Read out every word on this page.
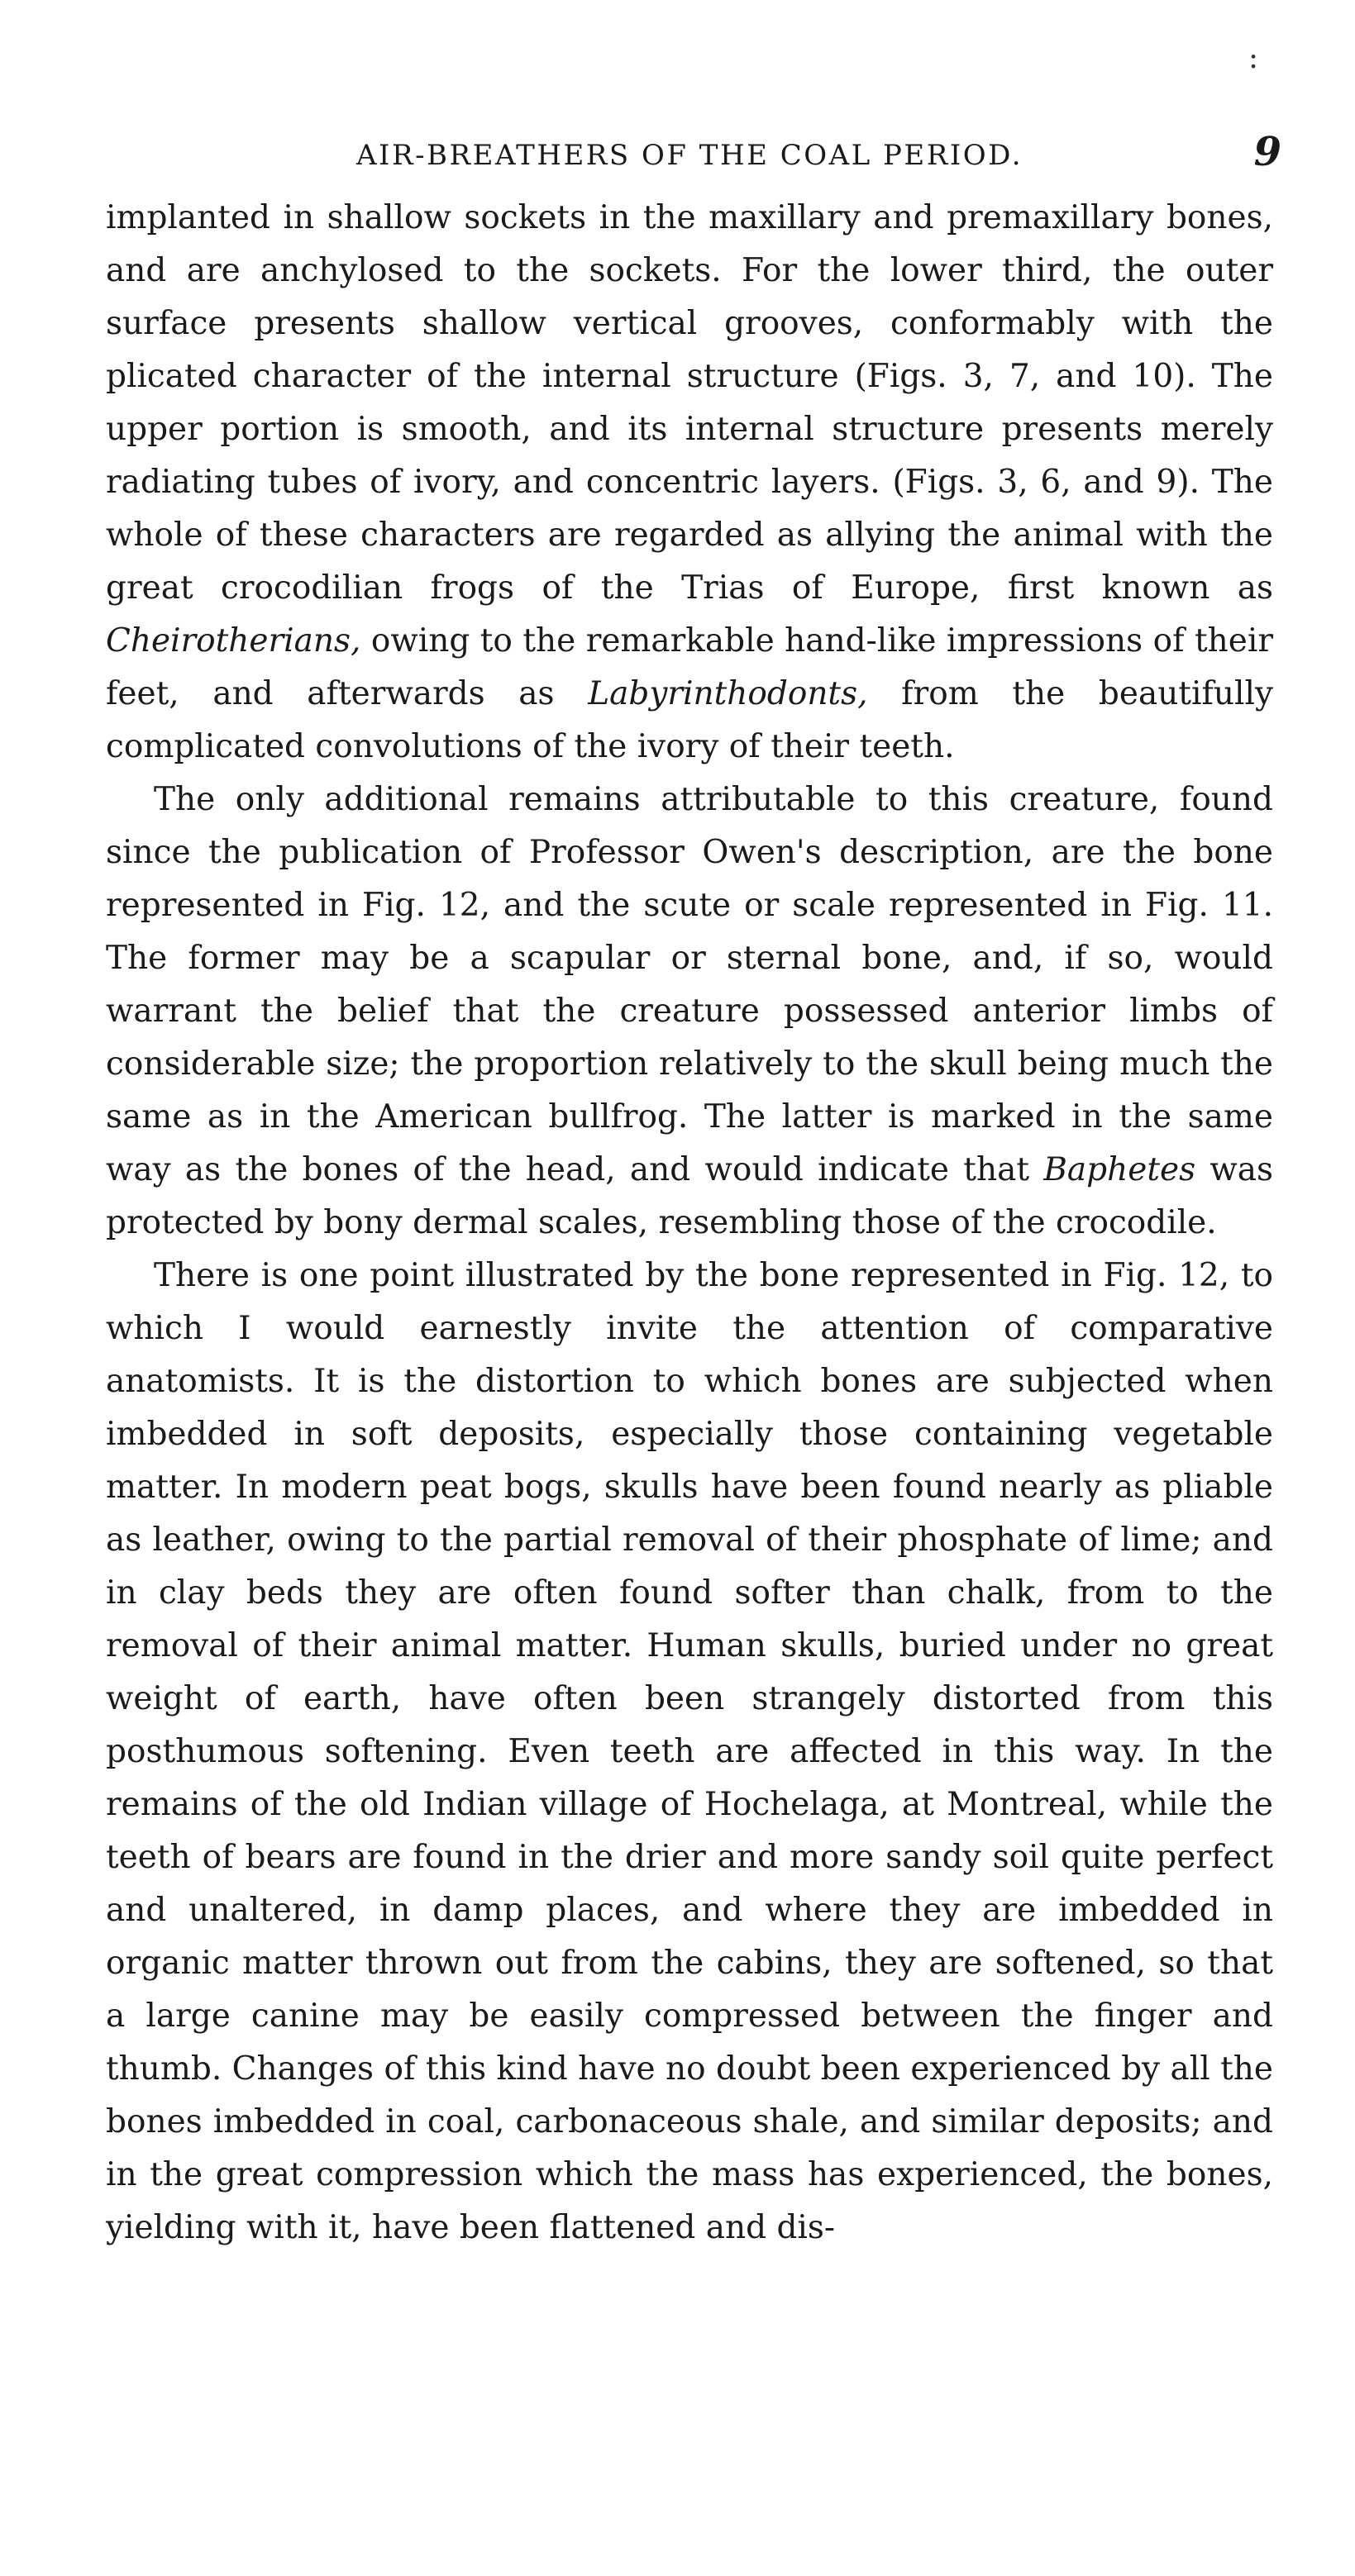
:
AIR-BREATHERS OF THE COAL PERIOD.	9

implanted in shallow sockets in the maxillary and premaxillary bones, and are anchylosed to the sockets. For the lower third, the outer surface presents shallow vertical grooves, conformably with the plicated character of the internal structure (Figs. 3, 7, and 10). The upper portion is smooth, and its internal structure presents merely radiating tubes of ivory, and concentric layers. (Figs. 3, 6, and 9). The whole of these characters are regarded as allying the animal with the great crocodilian frogs of the Trias of Europe, first known as Cheirotherians, owing to the remarkable hand-like impressions of their feet, and afterwards as Labyrinthodonts, from the beautifully complicated convolutions of the ivory of their teeth.

The only additional remains attributable to this creature, found since the publication of Professor Owen's description, are the bone represented in Fig. 12, and the scute or scale represented in Fig. 11. The former may be a scapular or sternal bone, and, if so, would warrant the belief that the creature possessed anterior limbs of considerable size; the proportion relatively to the skull being much the same as in the American bullfrog. The latter is marked in the same way as the bones of the head, and would indicate that Baphetes was protected by bony dermal scales, resembling those of the crocodile.

There is one point illustrated by the bone represented in Fig. 12, to which I would earnestly invite the attention of comparative anatomists. It is the distortion to which bones are subjected when imbedded in soft deposits, especially those containing vegetable matter. In modern peat bogs, skulls have been found nearly as pliable as leather, owing to the partial removal of their phosphate of lime; and in clay beds they are often found softer than chalk, from to the removal of their animal matter. Human skulls, buried under no great weight of earth, have often been strangely distorted from this posthumous softening. Even teeth are affected in this way. In the remains of the old Indian village of Hochelaga, at Montreal, while the teeth of bears are found in the drier and more sandy soil quite perfect and unaltered, in damp places, and where they are imbedded in organic matter thrown out from the cabins, they are softened, so that a large canine may be easily compressed between the finger and thumb. Changes of this kind have no doubt been experienced by all the bones imbedded in coal, carbonaceous shale, and similar deposits; and in the great compression which the mass has experienced, the bones, yielding with it, have been flattened and dis-
